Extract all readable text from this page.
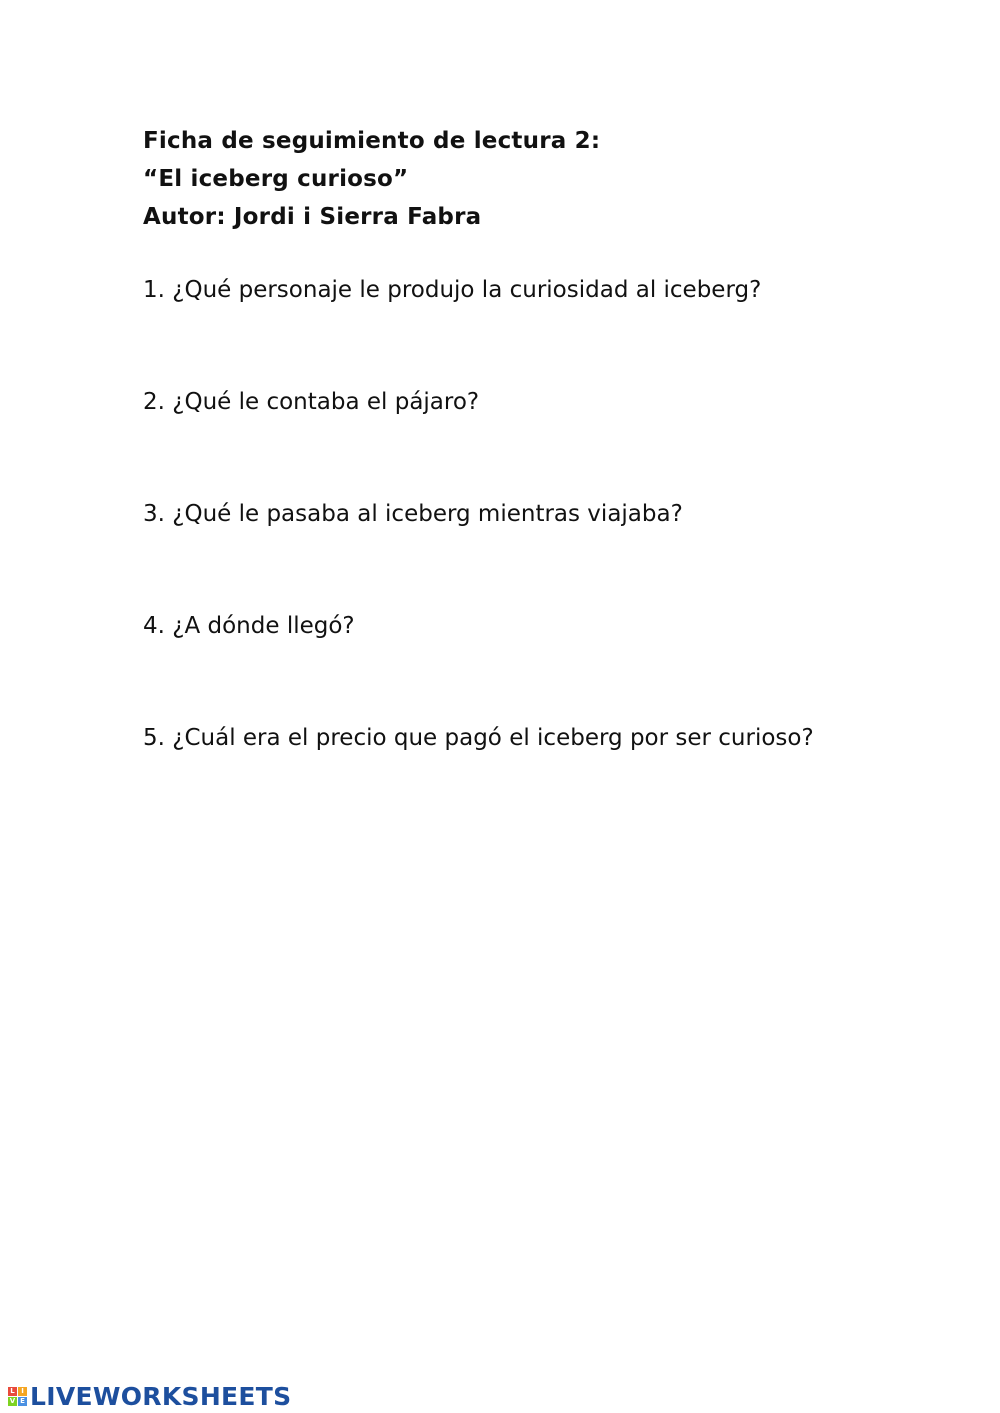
Ficha de seguimiento de lectura 2:
“El iceberg curioso”
Autor: Jordi i Sierra Fabra
1. ¿Qué personaje le produjo la curiosidad al iceberg?
2. ¿Qué le contaba el pájaro?
3. ¿Qué le pasaba al iceberg mientras viajaba?
4. ¿A dónde llegó?
5. ¿Cuál era el precio que pagó el iceberg por ser curioso?
L I
V E LIVEWORKSHEETS
